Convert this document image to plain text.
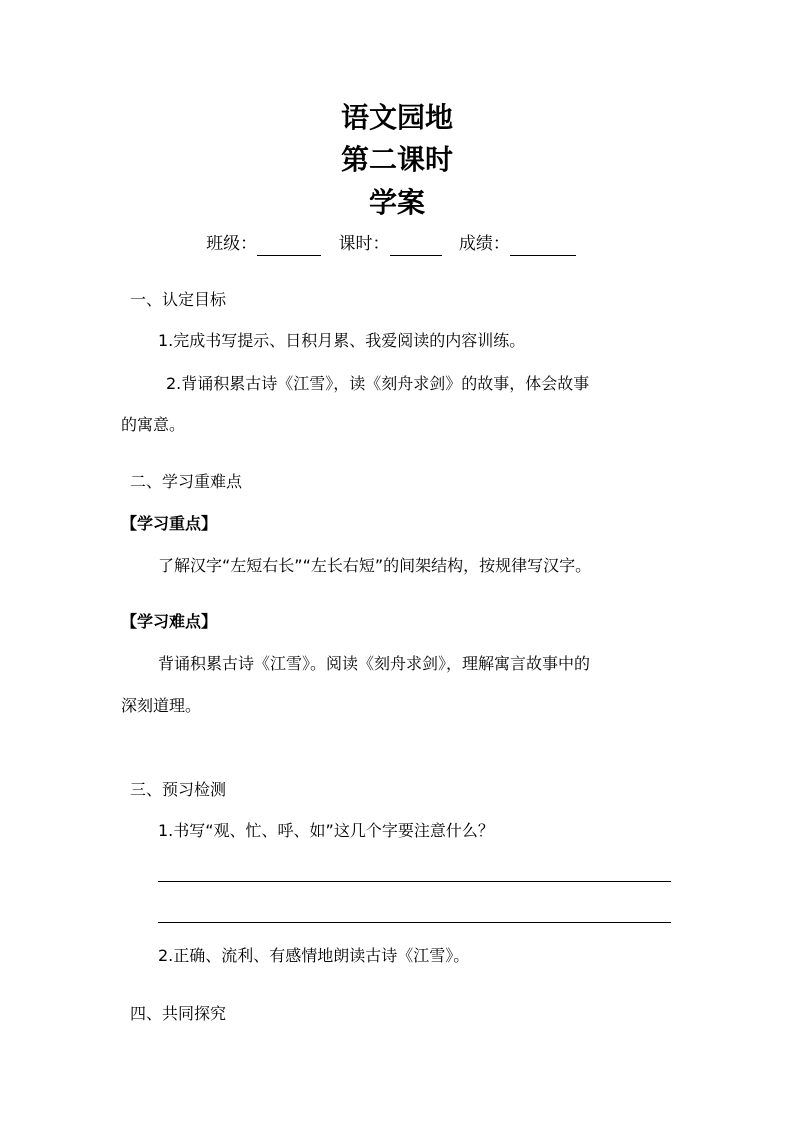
语文园地
第二课时
学案
班级：	课时：	成绩：
一、认定目标
1.完成书写提示、日积月累、我爱阅读的内容训练。
2.背诵积累古诗《江雪》，读《刻舟求剑》的故事，体会故事
的寓意。
二、学习重难点
【学习重点】
了解汉字“左短右长”“左长右短”的间架结构，按规律写汉字。
【学习难点】
背诵积累古诗《江雪》。阅读《刻舟求剑》，理解寓言故事中的
深刻道理。
三、预习检测
1.书写“观、忙、呼、如”这几个字要注意什么？
2.正确、流利、有感情地朗读古诗《江雪》。
四、共同探究
